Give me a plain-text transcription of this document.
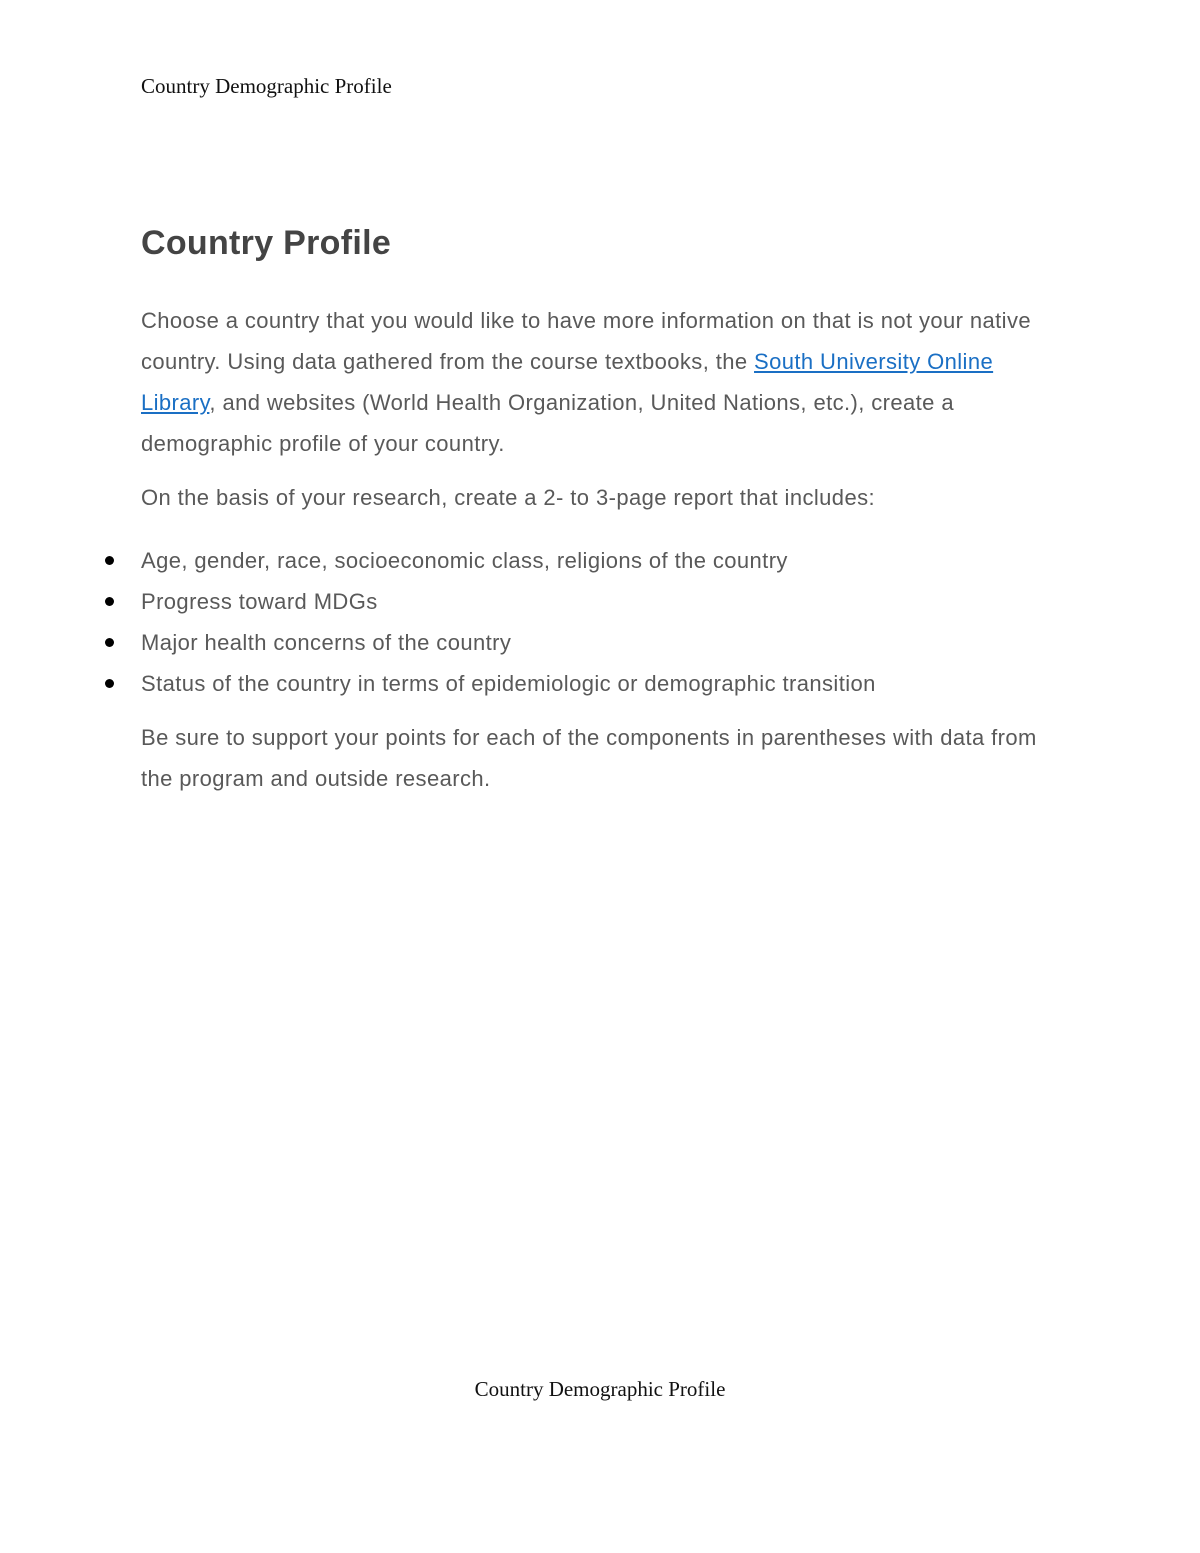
Country Demographic Profile
Country Profile

Choose a country that you would like to have more information on that is not your native country. Using data gathered from the course textbooks, the South University Online Library, and websites (World Health Organization, United Nations, etc.), create a demographic profile of your country.

On the basis of your research, create a 2- to 3-page report that includes:

Age, gender, race, socioeconomic class, religions of the country
Progress toward MDGs
Major health concerns of the country
Status of the country in terms of epidemiologic or demographic transition

Be sure to support your points for each of the components in parentheses with data from the program and outside research.

Country Demographic Profile
